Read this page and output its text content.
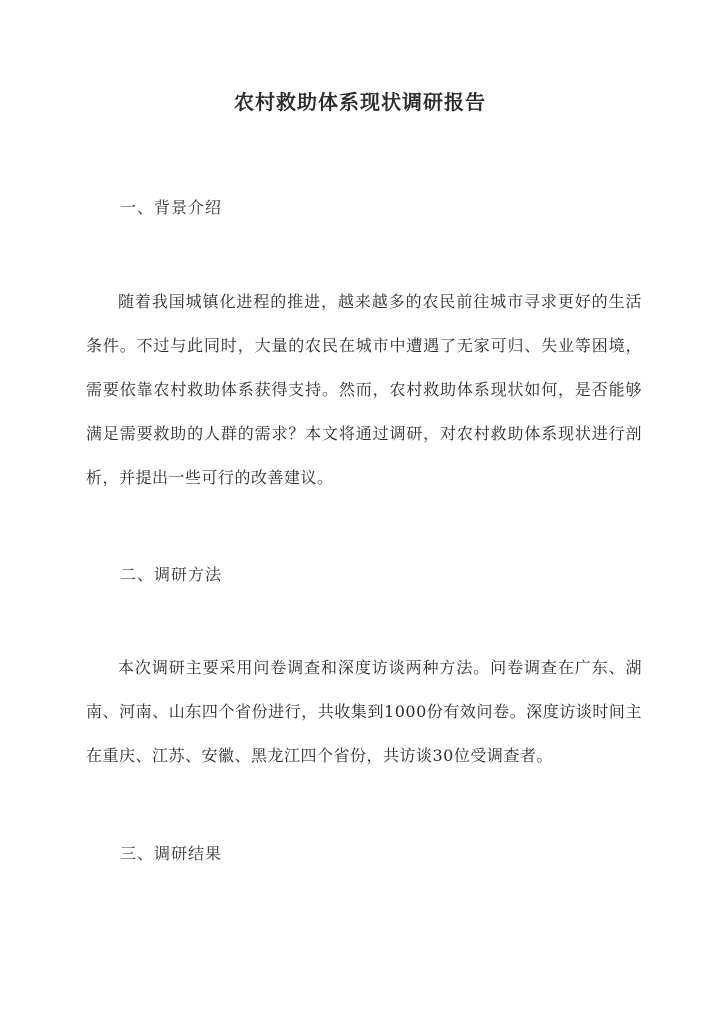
农村救助体系现状调研报告
一、背景介绍

随着我国城镇化进程的推进，越来越多的农民前往城市寻求更好的生活条件。不过与此同时，大量的农民在城市中遭遇了无家可归、失业等困境，需要依靠农村救助体系获得支持。然而，农村救助体系现状如何，是否能够满足需要救助的人群的需求？本文将通过调研，对农村救助体系现状进行剖析，并提出一些可行的改善建议。

二、调研方法

本次调研主要采用问卷调查和深度访谈两种方法。问卷调查在广东、湖南、河南、山东四个省份进行，共收集到1000份有效问卷。深度访谈时间主在重庆、江苏、安徽、黑龙江四个省份，共访谈30位受调查者。

三、调研结果
